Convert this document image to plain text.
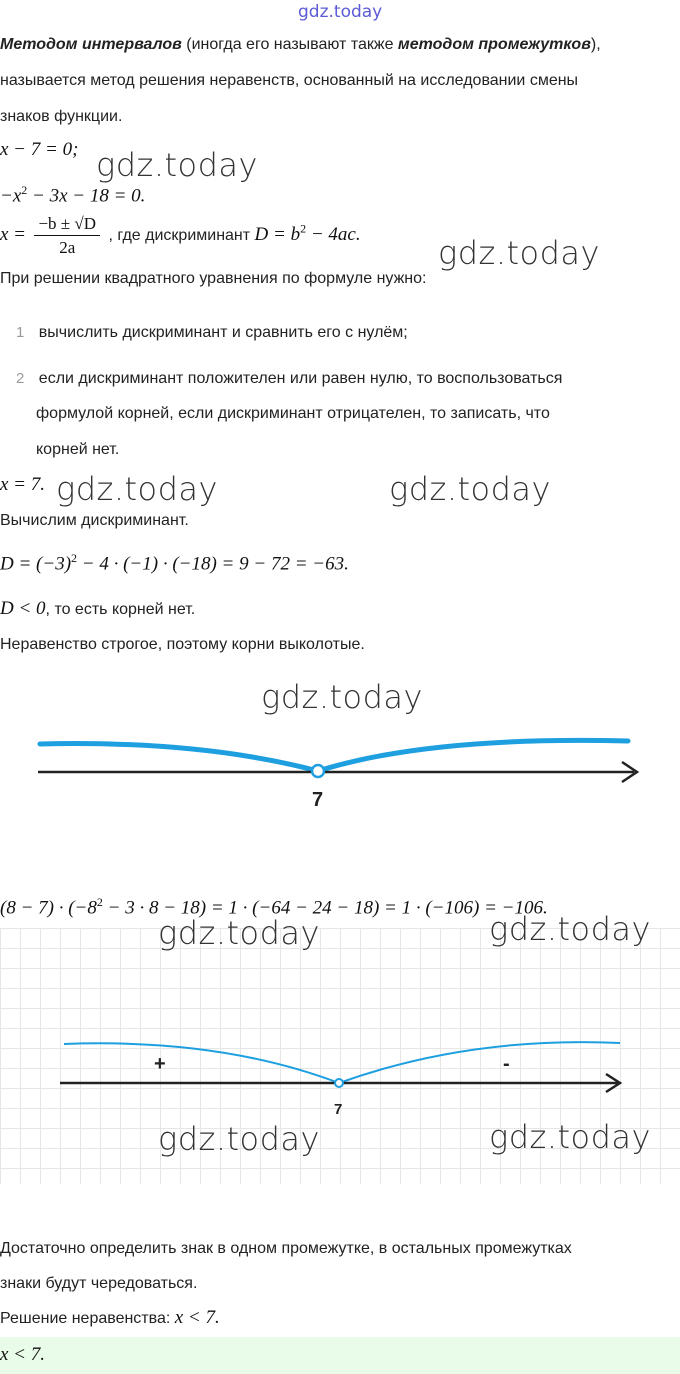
gdz.today
Методом интервалов (иногда его называют также методом промежутков),
называется метод решения неравенств, основанный на исследовании смены
знаков функции.
x − 7 = 0; gdz.today
$-x^2 - 3x - 18 = 0$.
$x = \frac{-b \pm √D}{2a}$ , где дискриминант $D = b^2 - 4ac$. gdz.today
При решении квадратного уравнения по формуле нужно:
1 вычислить дискриминант и сравнить его с нулём;
2 если дискриминант положителен или равен нулю, то воспользоваться
формулой корней, если дискриминант отрицателен, то записать, что
корней нет.
x = 7. gdz.today	gdz.today
Вычислим дискриминант.
$D = (-3)^2 - 4 \cdot (-1) \cdot (-18) = 9 - 72 = -63$.
D < 0, то есть корней нет.
Неравенство строгое, поэтому корни выколотые.
gdz.today
7
$(8 - 7) \cdot (-8^2 - 3 \cdot 8 - 18) = 1 \cdot (-64 - 24 - 18) = 1 \cdot (-106) = -106$.
gdz.today	gdz.today
+	-
7
gdz.today	gdz.today
Достаточно определить знак в одном промежутке, в остальных промежутках
знаки будут чередоваться.
Решение неравенства: x < 7.
x < 7.
